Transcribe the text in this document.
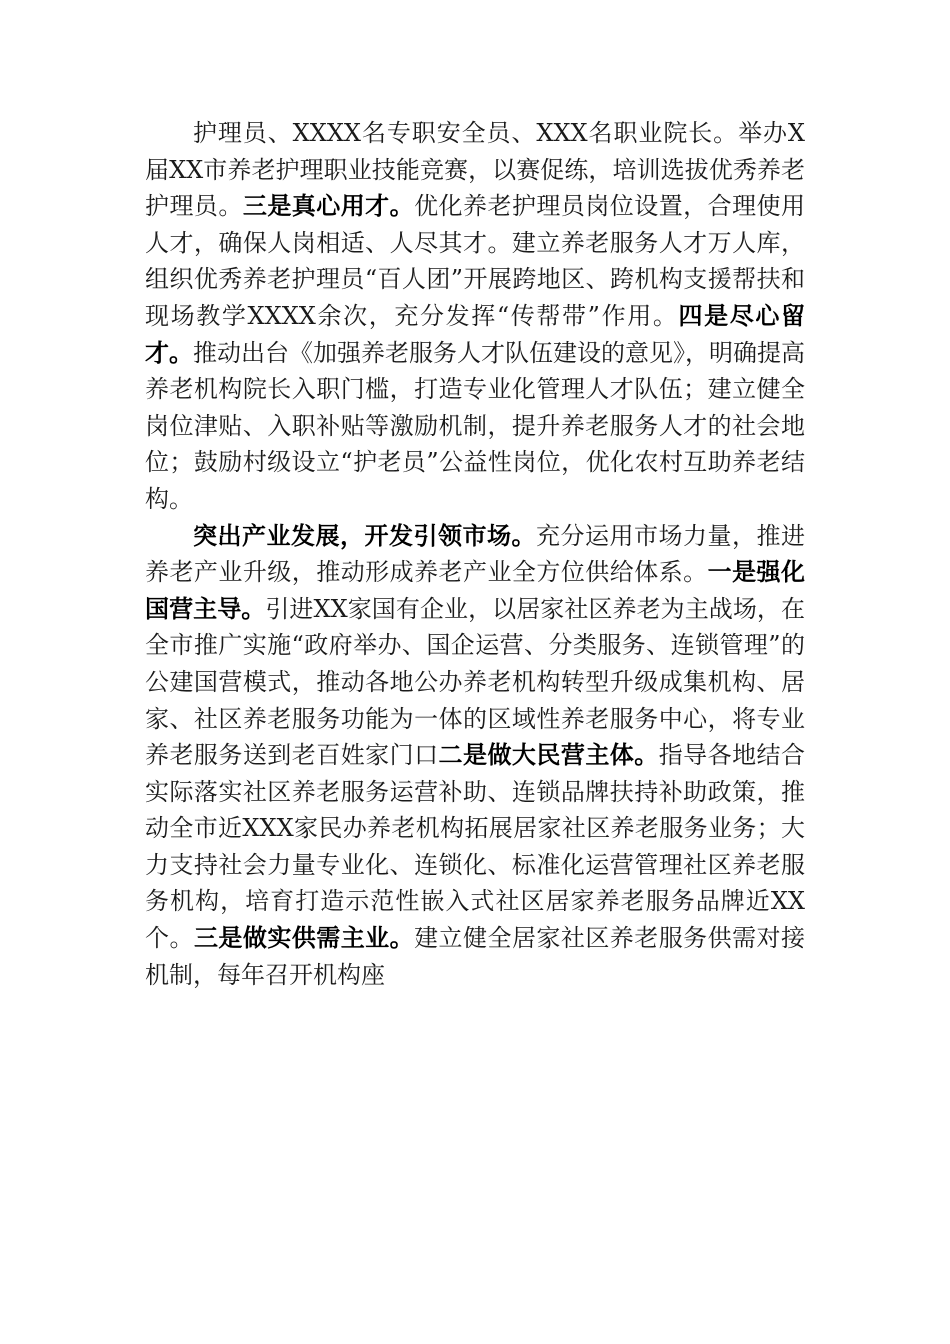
护理员、XXXX名专职安全员、XXX名职业院长。举办X届XX市养老护理职业技能竞赛，以赛促练，培训选拔优秀养老护理员。三是真心用才。优化养老护理员岗位设置，合理使用人才，确保人岗相适、人尽其才。建立养老服务人才万人库，组织优秀养老护理员“百人团”开展跨地区、跨机构支援帮扶和现场教学XXXX余次，充分发挥“传帮带”作用。四是尽心留才。推动出台《加强养老服务人才队伍建设的意见》，明确提高养老机构院长入职门槛，打造专业化管理人才队伍；建立健全岗位津贴、入职补贴等激励机制，提升养老服务人才的社会地位；鼓励村级设立“护老员”公益性岗位，优化农村互助养老结构。

突出产业发展，开发引领市场。充分运用市场力量，推进养老产业升级，推动形成养老产业全方位供给体系。一是强化国营主导。引进XX家国有企业，以居家社区养老为主战场，在全市推广实施“政府举办、国企运营、分类服务、连锁管理”的公建国营模式，推动各地公办养老机构转型升级成集机构、居家、社区养老服务功能为一体的区域性养老服务中心，将专业养老服务送到老百姓家门口二是做大民营主体。指导各地结合实际落实社区养老服务运营补助、连锁品牌扶持补助政策，推动全市近XXX家民办养老机构拓展居家社区养老服务业务；大力支持社会力量专业化、连锁化、标准化运营管理社区养老服务机构，培育打造示范性嵌入式社区居家养老服务品牌近XX个。三是做实供需主业。建立健全居家社区养老服务供需对接机制，每年召开机构座
